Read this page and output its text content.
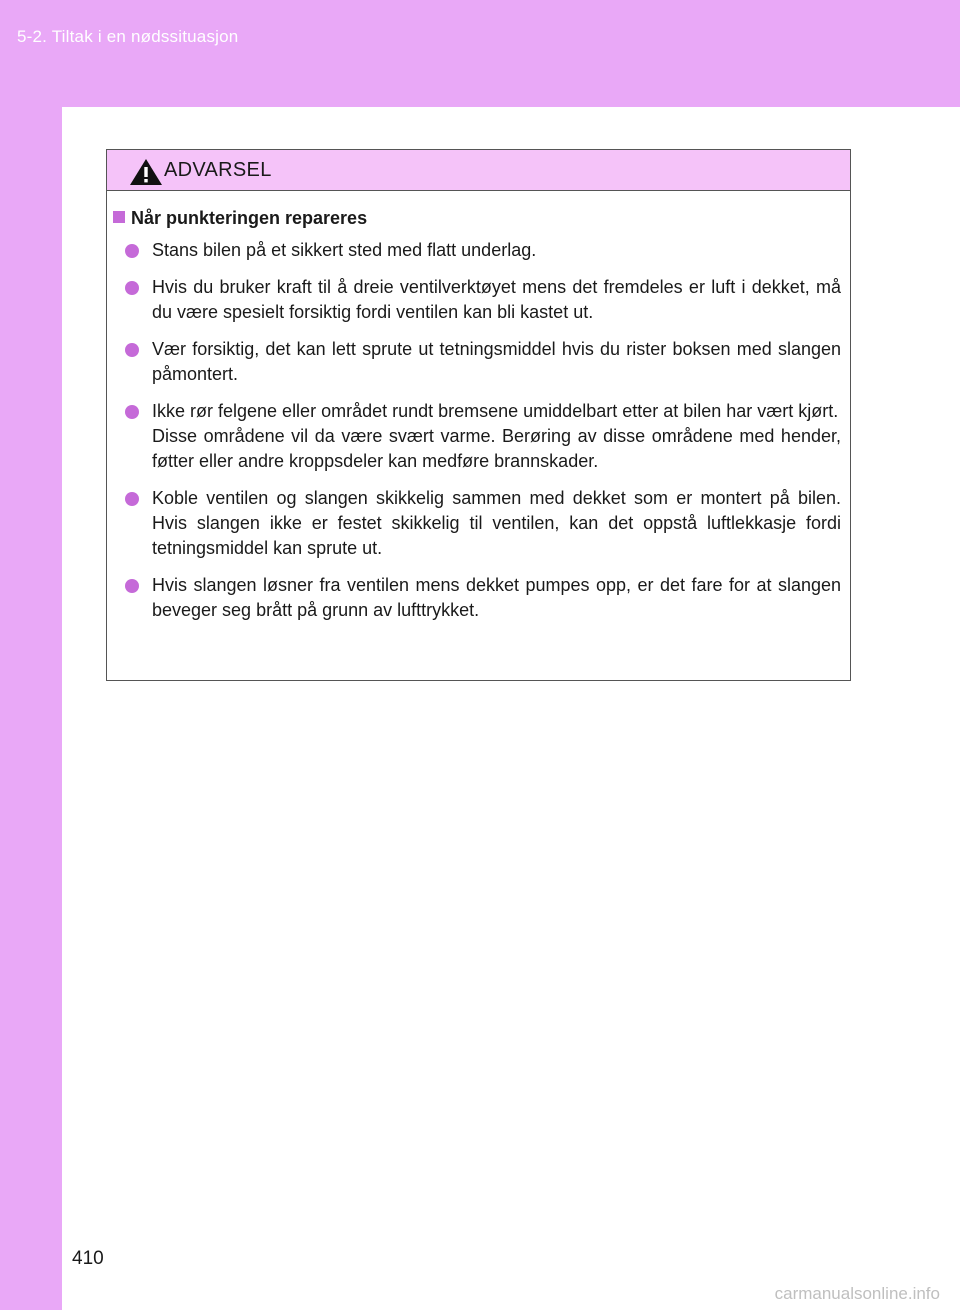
5-2. Tiltak i en nødssituasjon
ADVARSEL
Når punkteringen repareres

Stans bilen på et sikkert sted med flatt underlag.

Hvis du bruker kraft til å dreie ventilverktøyet mens det fremdeles er luft i dekket, må du være spesielt forsiktig fordi ventilen kan bli kastet ut.

Vær forsiktig, det kan lett sprute ut tetningsmiddel hvis du rister boksen med slangen påmontert.

Ikke rør felgene eller området rundt bremsene umiddelbart etter at bilen har vært kjørt.

Disse områdene vil da være svært varme. Berøring av disse områdene med hender, føtter eller andre kroppsdeler kan medføre brannskader.

Koble ventilen og slangen skikkelig sammen med dekket som er montert på bilen. Hvis slangen ikke er festet skikkelig til ventilen, kan det oppstå luftlekkasje fordi tetningsmiddel kan sprute ut.

Hvis slangen løsner fra ventilen mens dekket pumpes opp, er det fare for at slangen beveger seg brått på grunn av lufttrykket.

410
carmanualsonline.info
